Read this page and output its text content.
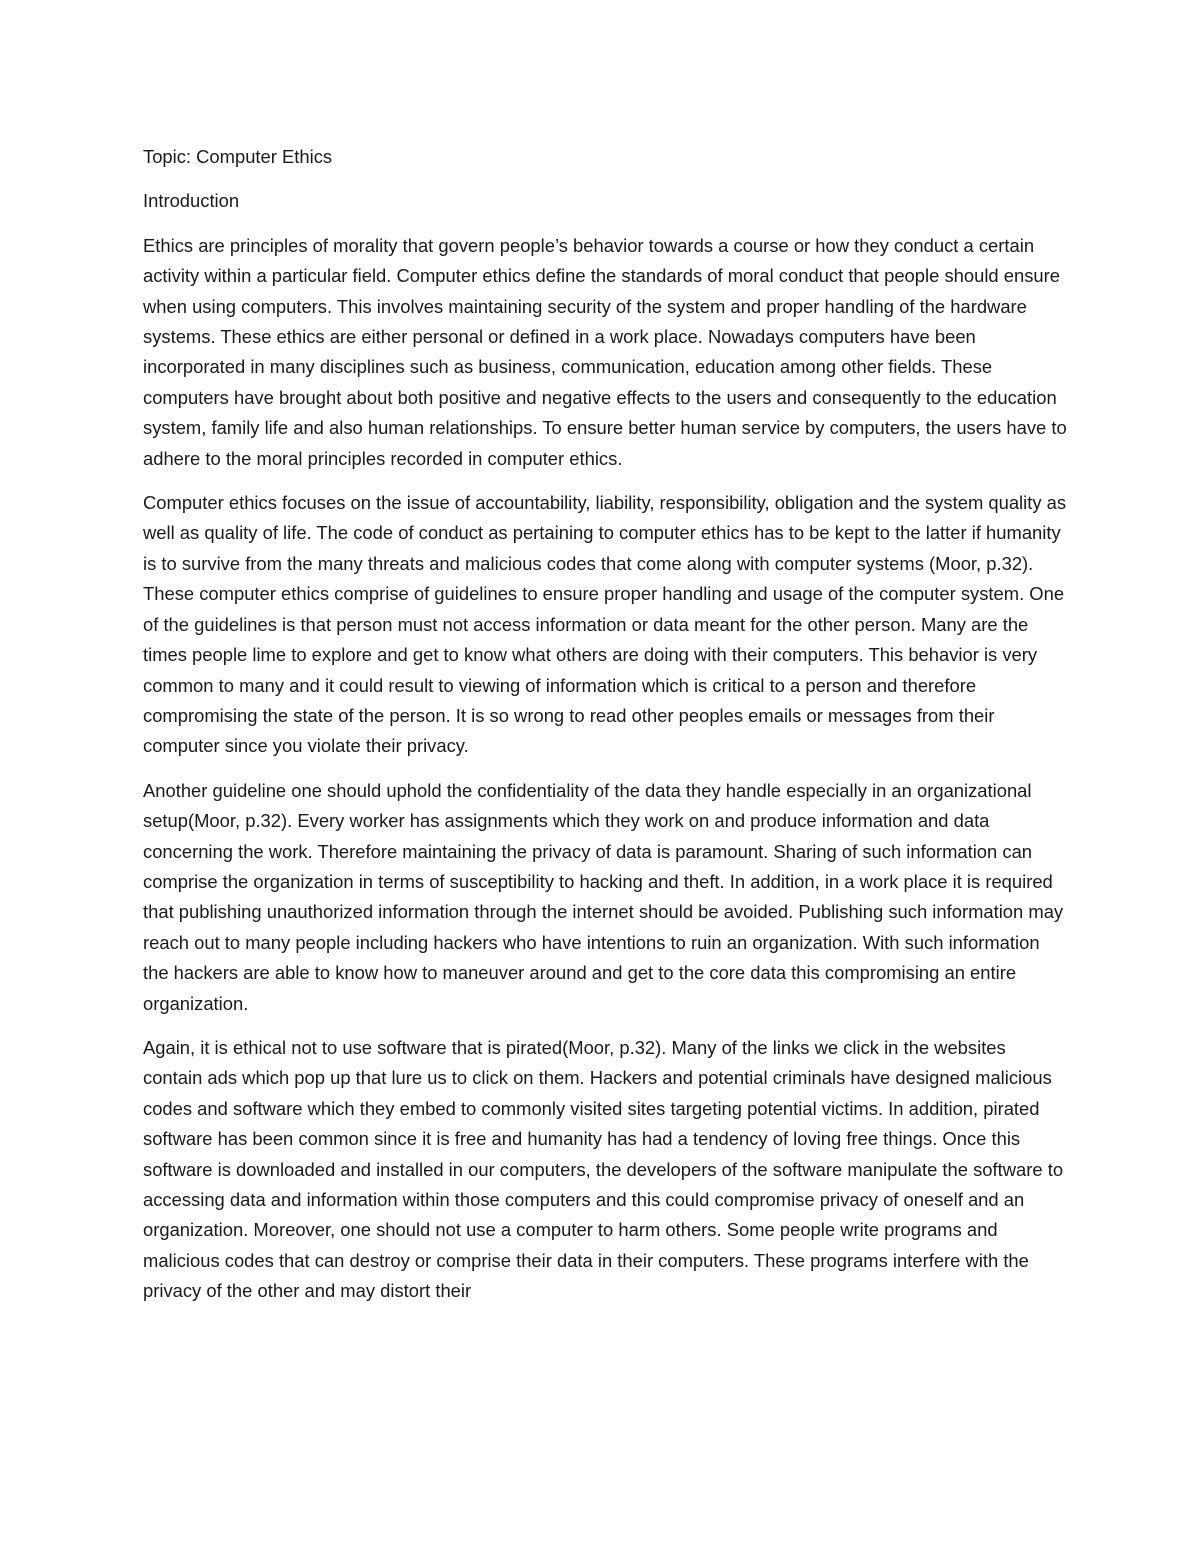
Topic: Computer Ethics

Introduction

Ethics are principles of morality that govern people’s behavior towards a course or how they conduct a certain activity within a particular field. Computer ethics define the standards of moral conduct that people should ensure when using computers. This involves maintaining security of the system and proper handling of the hardware systems. These ethics are either personal or defined in a work place. Nowadays computers have been incorporated in many disciplines such as business, communication, education among other fields. These computers have brought about both positive and negative effects to the users and consequently to the education system, family life and also human relationships. To ensure better human service by computers, the users have to adhere to the moral principles recorded in computer ethics.

Computer ethics focuses on the issue of accountability, liability, responsibility, obligation and the system quality as well as quality of life. The code of conduct as pertaining to computer ethics has to be kept to the latter if humanity is to survive from the many threats and malicious codes that come along with computer systems (Moor, p.32). These computer ethics comprise of guidelines to ensure proper handling and usage of the computer system. One of the guidelines is that person must not access information or data meant for the other person. Many are the times people lime to explore and get to know what others are doing with their computers. This behavior is very common to many and it could result to viewing of information which is critical to a person and therefore compromising the state of the person. It is so wrong to read other peoples emails or messages from their computer since you violate their privacy.

Another guideline one should uphold the confidentiality of the data they handle especially in an organizational setup(Moor, p.32). Every worker has assignments which they work on and produce information and data concerning the work. Therefore maintaining the privacy of data is paramount. Sharing of such information can comprise the organization in terms of susceptibility to hacking and theft. In addition, in a work place it is required that publishing unauthorized information through the internet should be avoided. Publishing such information may reach out to many people including hackers who have intentions to ruin an organization. With such information the hackers are able to know how to maneuver around and get to the core data this compromising an entire organization.

Again, it is ethical not to use software that is pirated(Moor, p.32). Many of the links we click in the websites contain ads which pop up that lure us to click on them. Hackers and potential criminals have designed malicious codes and software which they embed to commonly visited sites targeting potential victims. In addition, pirated software has been common since it is free and humanity has had a tendency of loving free things. Once this software is downloaded and installed in our computers, the developers of the software manipulate the software to accessing data and information within those computers and this could compromise privacy of oneself and an organization. Moreover, one should not use a computer to harm others. Some people write programs and malicious codes that can destroy or comprise their data in their computers. These programs interfere with the privacy of the other and may distort their
